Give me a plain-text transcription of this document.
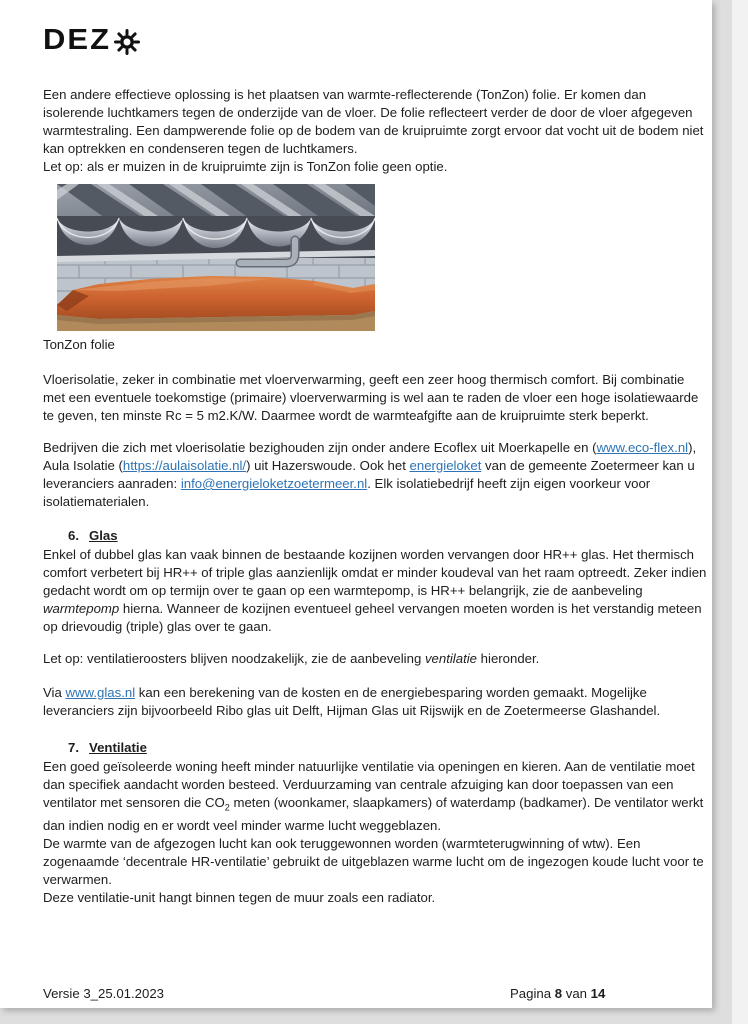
DEZ

Een andere effectieve oplossing is het plaatsen van warmte-reflecterende (TonZon) folie. Er komen dan isolerende luchtkamers tegen de onderzijde van de vloer. De folie reflecteert verder de door de vloer afgegeven warmtestraling. Een dampwerende folie op de bodem van de kruipruimte zorgt ervoor dat vocht uit de bodem niet kan optrekken en condenseren tegen de luchtkamers.
Let op: als er muizen in de kruipruimte zijn is TonZon folie geen optie.

TonZon folie

Vloerisolatie, zeker in combinatie met vloerverwarming, geeft een zeer hoog thermisch comfort. Bij combinatie met een eventuele toekomstige (primaire) vloerverwarming is wel aan te raden de vloer een hoge isolatiewaarde te geven, ten minste Rc = 5 m2.K/W. Daarmee wordt de warmteafgifte aan de kruipruimte sterk beperkt.

Bedrijven die zich met vloerisolatie bezighouden zijn onder andere Ecoflex uit Moerkapelle en (www.eco-flex.nl), Aula Isolatie (https://aulaisolatie.nl/) uit Hazerswoude. Ook het energieloket van de gemeente Zoetermeer kan u leveranciers aanraden: info@energieloketzoetermeer.nl. Elk isolatiebedrijf heeft zijn eigen voorkeur voor isolatiematerialen.

6. Glas

Enkel of dubbel glas kan vaak binnen de bestaande kozijnen worden vervangen door HR++ glas. Het thermisch comfort verbetert bij HR++ of triple glas aanzienlijk omdat er minder koudeval van het raam optreedt. Zeker indien gedacht wordt om op termijn over te gaan op een warmtepomp, is HR++ belangrijk, zie de aanbeveling warmtepomp hierna. Wanneer de kozijnen eventueel geheel vervangen moeten worden is het verstandig meteen op drievoudig (triple) glas over te gaan.

Let op: ventilatieroosters blijven noodzakelijk, zie de aanbeveling ventilatie hieronder.

Via www.glas.nl kan een berekening van de kosten en de energiebesparing worden gemaakt. Mogelijke leveranciers zijn bijvoorbeeld Ribo glas uit Delft, Hijman Glas uit Rijswijk en de Zoetermeerse Glashandel.

7. Ventilatie

Een goed geïsoleerde woning heeft minder natuurlijke ventilatie via openingen en kieren. Aan de ventilatie moet dan specifiek aandacht worden besteed. Verduurzaming van centrale afzuiging kan door toepassen van een ventilator met sensoren die $CO_2$ meten (woonkamer, slaapkamers) of waterdamp (badkamer). De ventilator werkt dan indien nodig en er wordt veel minder warme lucht weggeblazen.
De warmte van de afgezogen lucht kan ook teruggewonnen worden (warmteterugwinning of wtw). Een zogenaamde ‘decentrale HR-ventilatie’ gebruikt de uitgeblazen warme lucht om de ingezogen koude lucht voor te verwarmen.
Deze ventilatie-unit hangt binnen tegen de muur zoals een radiator.

Versie 3_25.01.2023	Pagina 8 van 14
